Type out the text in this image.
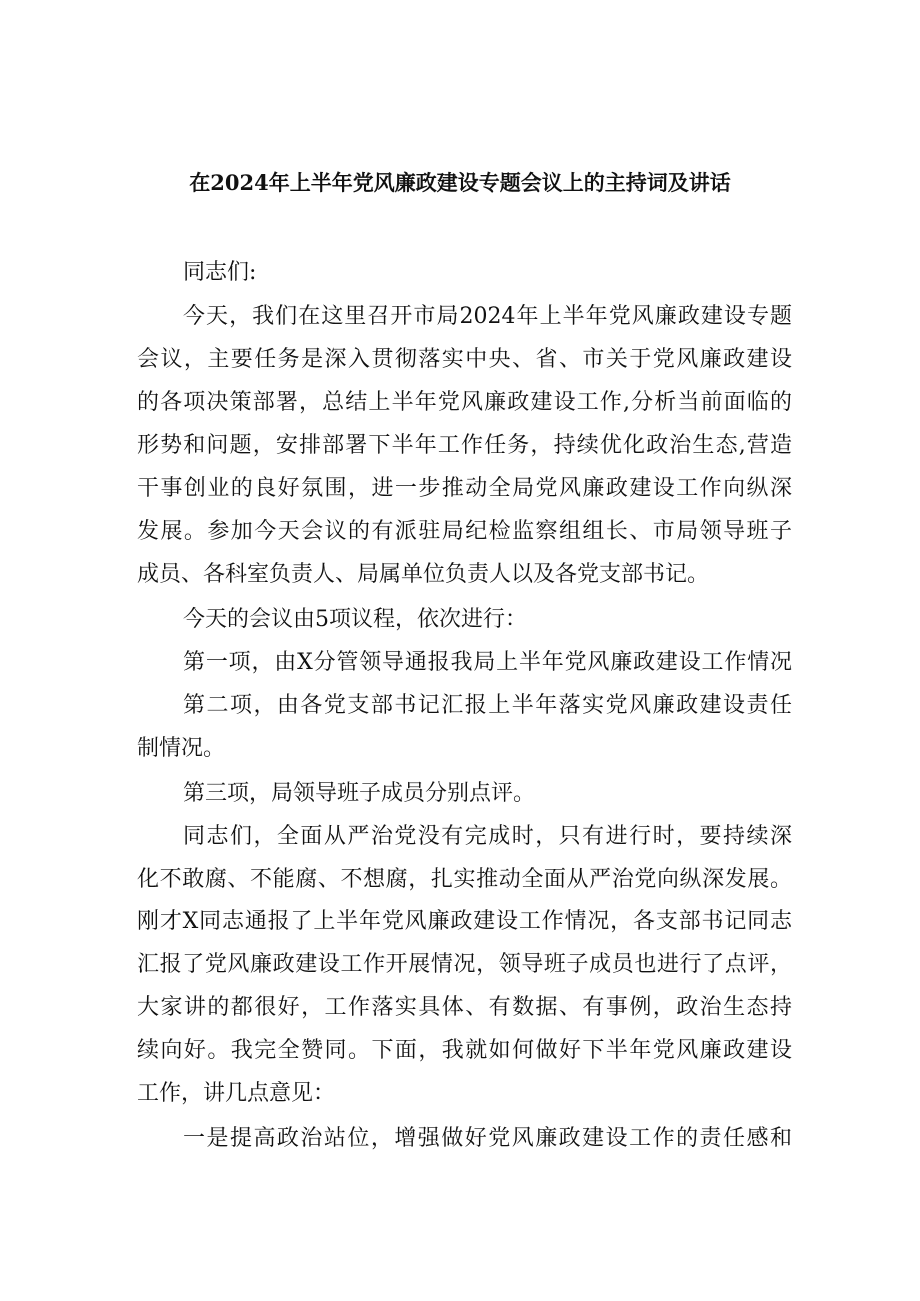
在2024年上半年党风廉政建设专题会议上的主持词及讲话
同志们:
今天，我们在这里召开市局2024年上半年党风廉政建设专题
会议，主要任务是深入贯彻落实中央、省、市关于党风廉政建设
的各项决策部署，总结上半年党风廉政建设工作,分析当前面临的
形势和问题，安排部署下半年工作任务，持续优化政治生态,营造
干事创业的良好氛围，进一步推动全局党风廉政建设工作向纵深
发展。参加今天会议的有派驻局纪检监察组组长、市局领导班子
成员、各科室负责人、局属单位负责人以及各党支部书记。
今天的会议由5项议程，依次进行：
第一项，由X分管领导通报我局上半年党风廉政建设工作情况
第二项，由各党支部书记汇报上半年落实党风廉政建设责任
制情况。
第三项，局领导班子成员分别点评。
同志们，全面从严治党没有完成时，只有进行时，要持续深
化不敢腐、不能腐、不想腐，扎实推动全面从严治党向纵深发展。
刚才X同志通报了上半年党风廉政建设工作情况，各支部书记同志
汇报了党风廉政建设工作开展情况，领导班子成员也进行了点评，
大家讲的都很好，工作落实具体、有数据、有事例，政治生态持
续向好。我完全赞同。下面，我就如何做好下半年党风廉政建设
工作，讲几点意见：
一是提高政治站位，增强做好党风廉政建设工作的责任感和
